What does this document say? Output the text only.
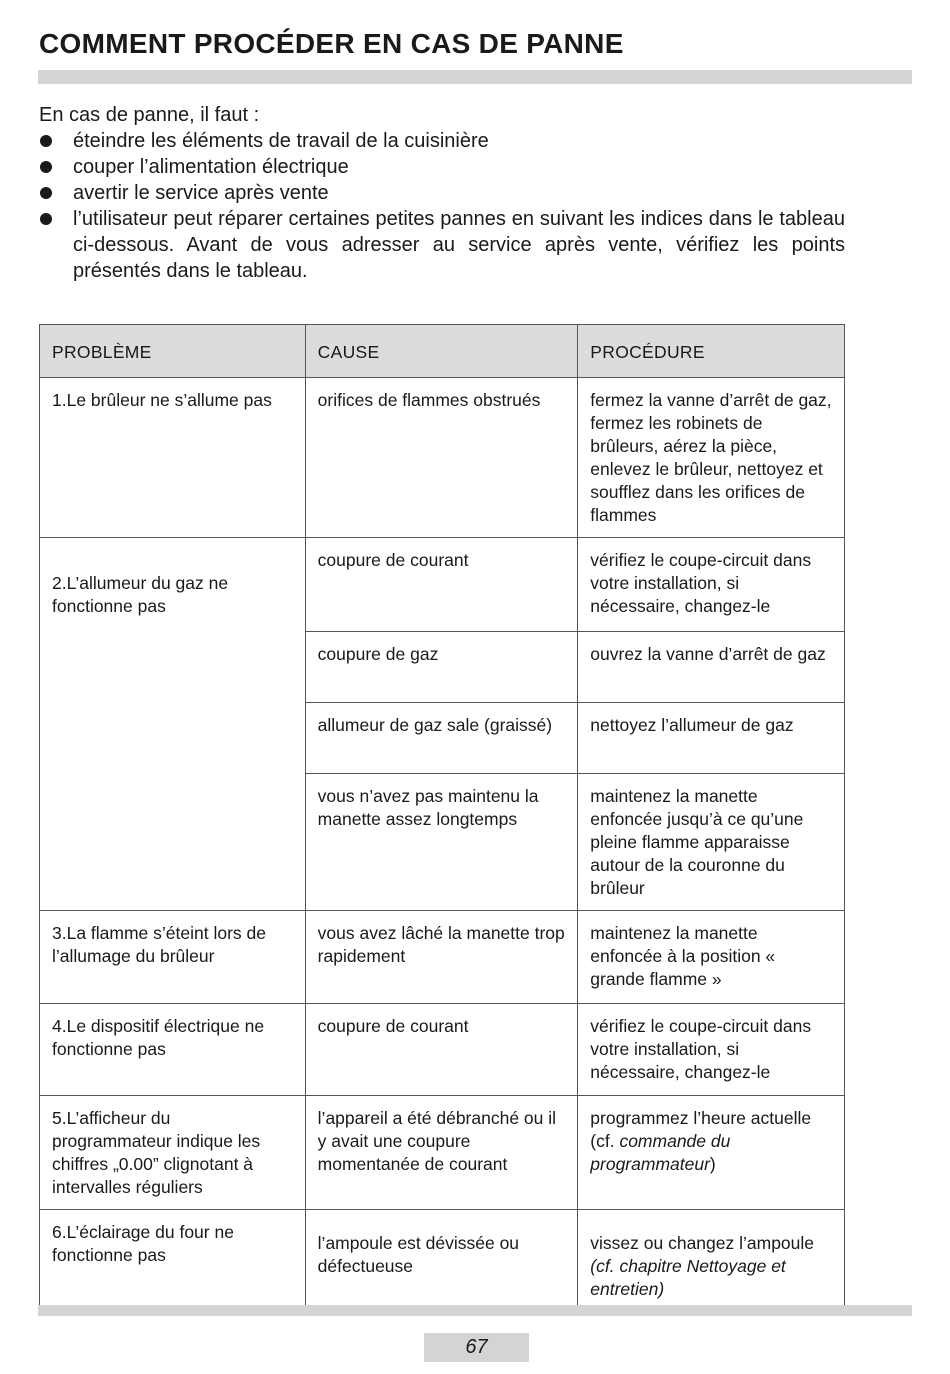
COMMENT PROCÉDER EN CAS DE PANNE

En cas de panne, il faut :

éteindre les éléments de travail de la cuisinière
couper l’alimentation électrique
avertir le service après vente
l’utilisateur peut réparer certaines petites pannes en suivant les indices dans le tableau ci-dessous. Avant de vous adresser au service après vente, vérifiez les points présentés dans le tableau.
PROBLÈME	CAUSE	PROCÉDURE
1.Le brûleur ne s’allume pas	orifices de flammes obstrués	fermez la vanne d’arrêt de gaz, fermez les robinets de brûleurs, aérez la pièce, enlevez le brûleur, nettoyez et soufflez dans les orifices de flammes
2.L’allumeur du gaz ne fonctionne pas	coupure de courant	vérifiez le coupe-circuit dans votre installation, si nécessaire, changez-le
	coupure de gaz	ouvrez la vanne d’arrêt de gaz
	allumeur de gaz sale (graissé)	nettoyez l’allumeur de gaz
	vous n’avez pas maintenu la manette assez longtemps	maintenez la manette enfoncée jusqu’à ce qu’une pleine flamme apparaisse autour de la couronne du brûleur
3.La flamme s’éteint lors de l’allumage du brûleur	vous avez lâché la manette trop rapidement	maintenez la manette enfoncée à la position « grande flamme »
4.Le dispositif électrique ne fonctionne pas	coupure de courant	vérifiez le coupe-circuit dans votre installation, si nécessaire, changez-le
5.L’afficheur du programmateur indique les chiffres „0.00” clignotant à intervalles réguliers	l’appareil a été débranché ou il y avait une coupure momentanée de courant	programmez l’heure actuelle (cf. commande du programmateur)
6.L’éclairage du four ne fonctionne pas	l’ampoule est dévissée ou défectueuse	vissez ou changez l’ampoule
(cf. chapitre Nettoyage et entretien)
67
